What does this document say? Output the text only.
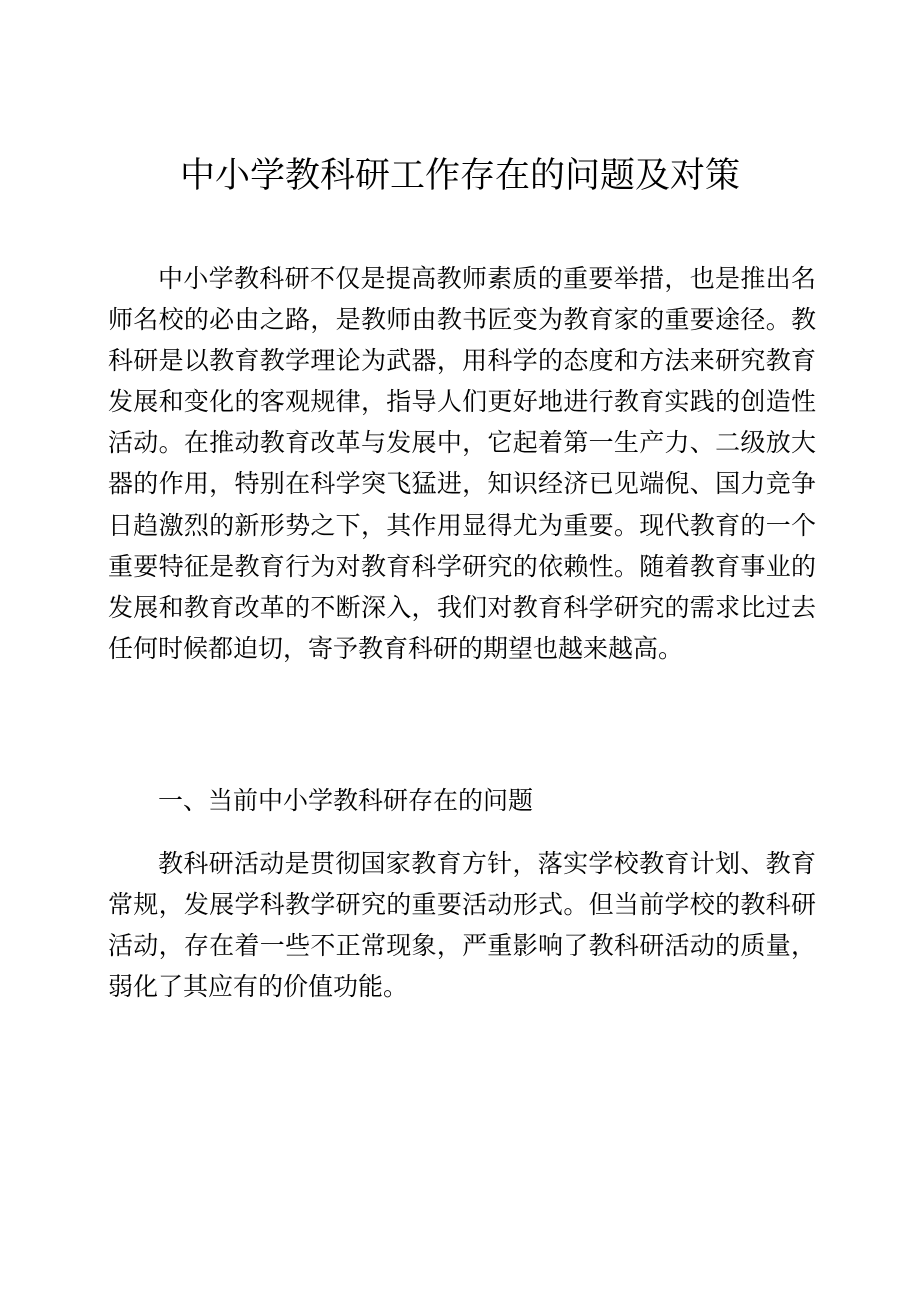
中小学教科研工作存在的问题及对策

中小学教科研不仅是提高教师素质的重要举措，也是推出名师名校的必由之路，是教师由教书匠变为教育家的重要途径。教科研是以教育教学理论为武器，用科学的态度和方法来研究教育发展和变化的客观规律，指导人们更好地进行教育实践的创造性活动。在推动教育改革与发展中，它起着第一生产力、二级放大器的作用，特别在科学突飞猛进，知识经济已见端倪、国力竞争日趋激烈的新形势之下，其作用显得尤为重要。现代教育的一个重要特征是教育行为对教育科学研究的依赖性。随着教育事业的发展和教育改革的不断深入，我们对教育科学研究的需求比过去任何时候都迫切，寄予教育科研的期望也越来越高。

一、当前中小学教科研存在的问题

教科研活动是贯彻国家教育方针，落实学校教育计划、教育常规，发展学科教学研究的重要活动形式。但当前学校的教科研活动，存在着一些不正常现象，严重影响了教科研活动的质量，弱化了其应有的价值功能。
